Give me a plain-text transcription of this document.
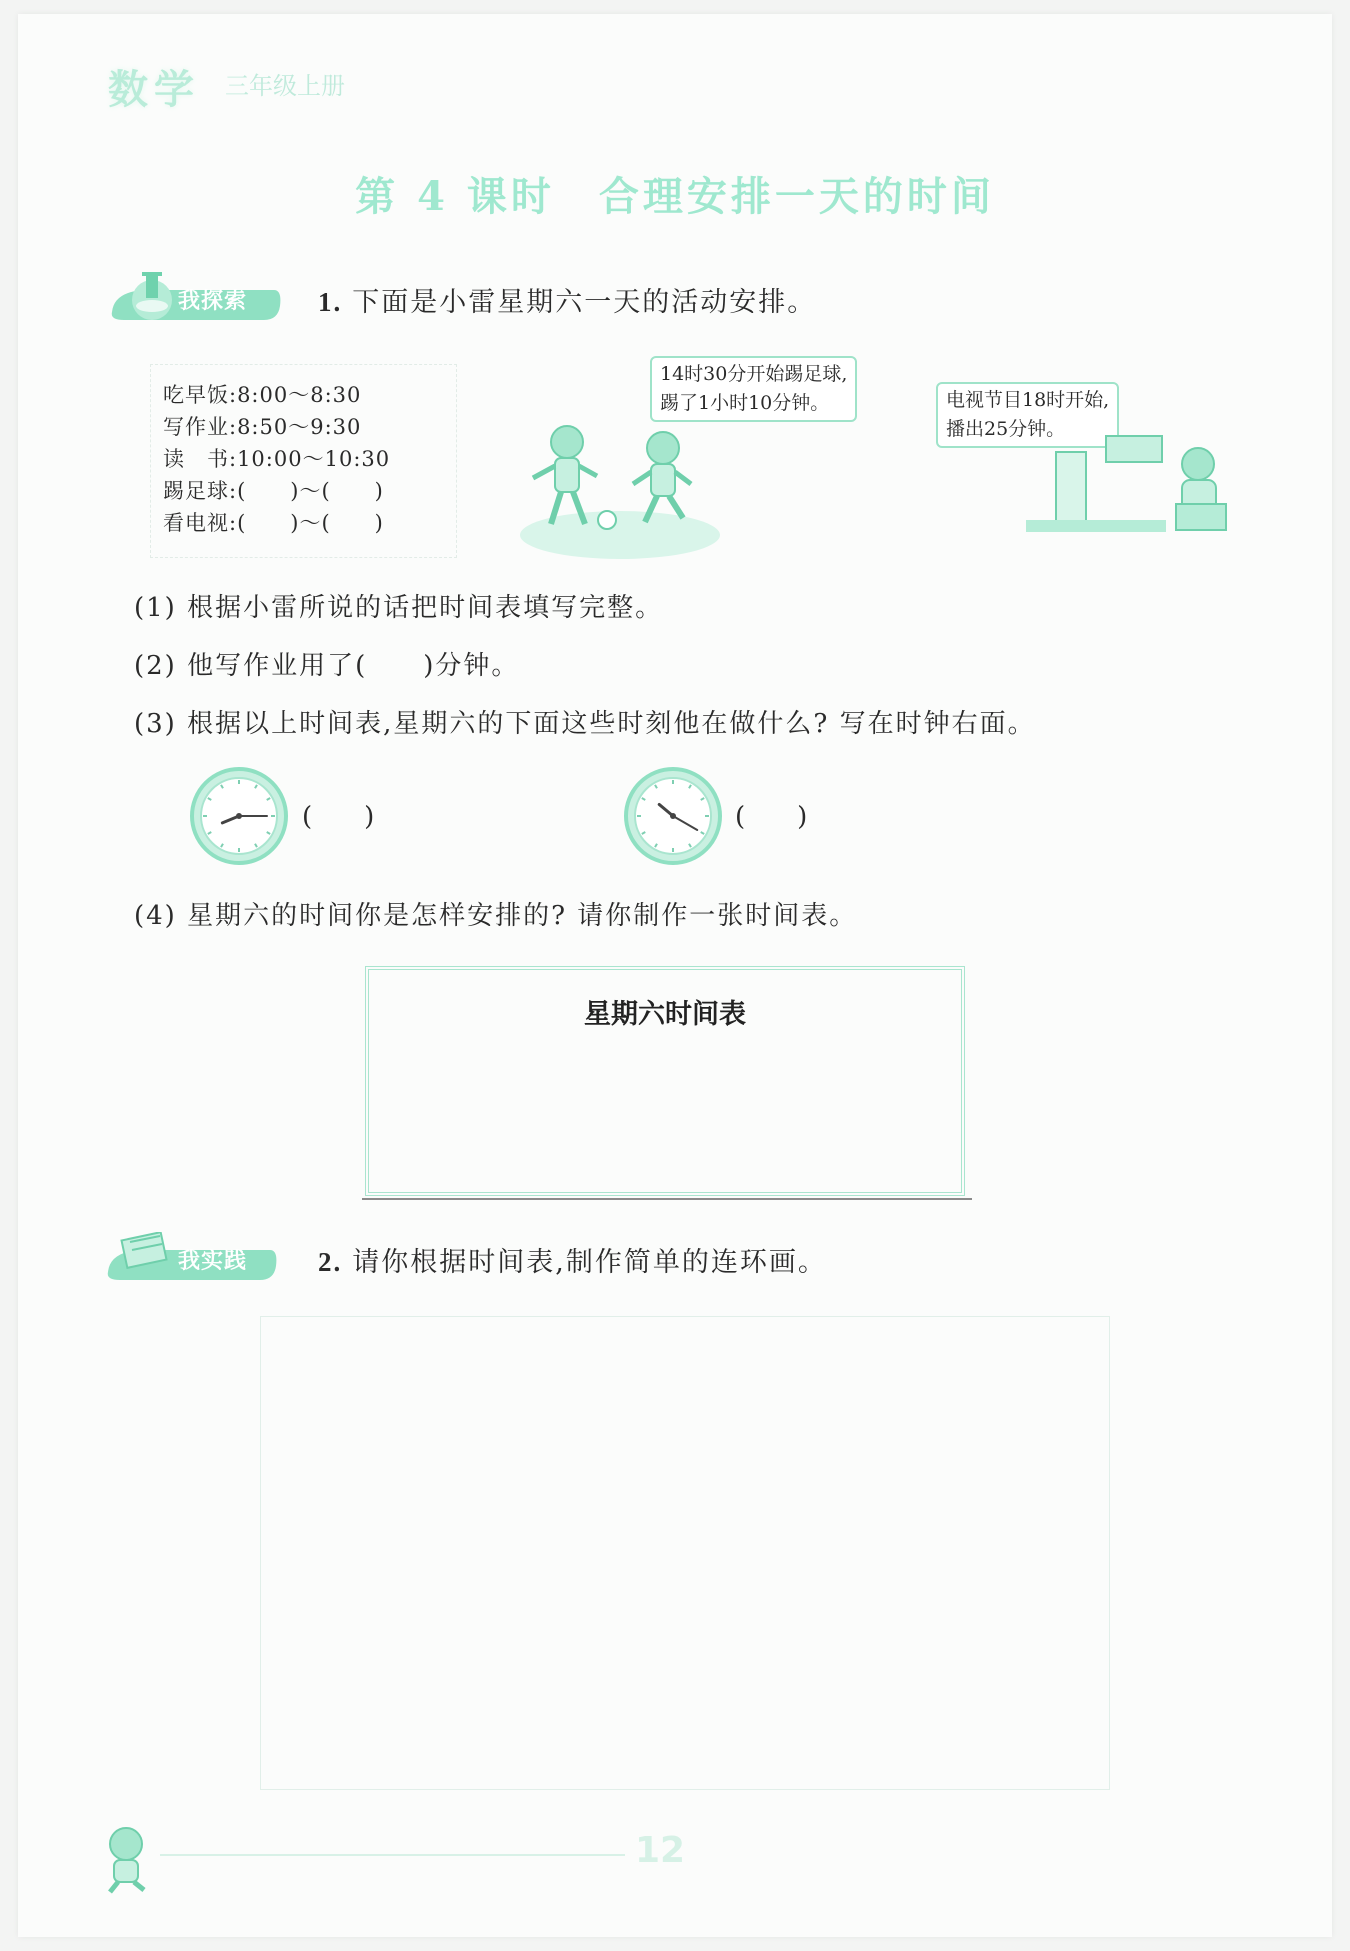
数学 三年级上册
第 4 课时　合理安排一天的时间
我探索	1. 下面是小雷星期六一天的活动安排。
吃早饭:8:00～8:30
写作业:8:50～9:30
读　书:10:00～10:30
踢足球:(　　)～(　　)
看电视:(　　)～(　　)
14时30分开始踢足球,
踢了1小时10分钟。	电视节目18时开始,
播出25分钟。
(1) 根据小雷所说的话把时间表填写完整。
(2) 他写作业用了(　　)分钟。
(3) 根据以上时间表,星期六的下面这些时刻他在做什么? 写在时钟右面。
(　　)	(　　)
(4) 星期六的时间你是怎样安排的? 请你制作一张时间表。
星期六时间表
我实践	2. 请你根据时间表,制作简单的连环画。
12
